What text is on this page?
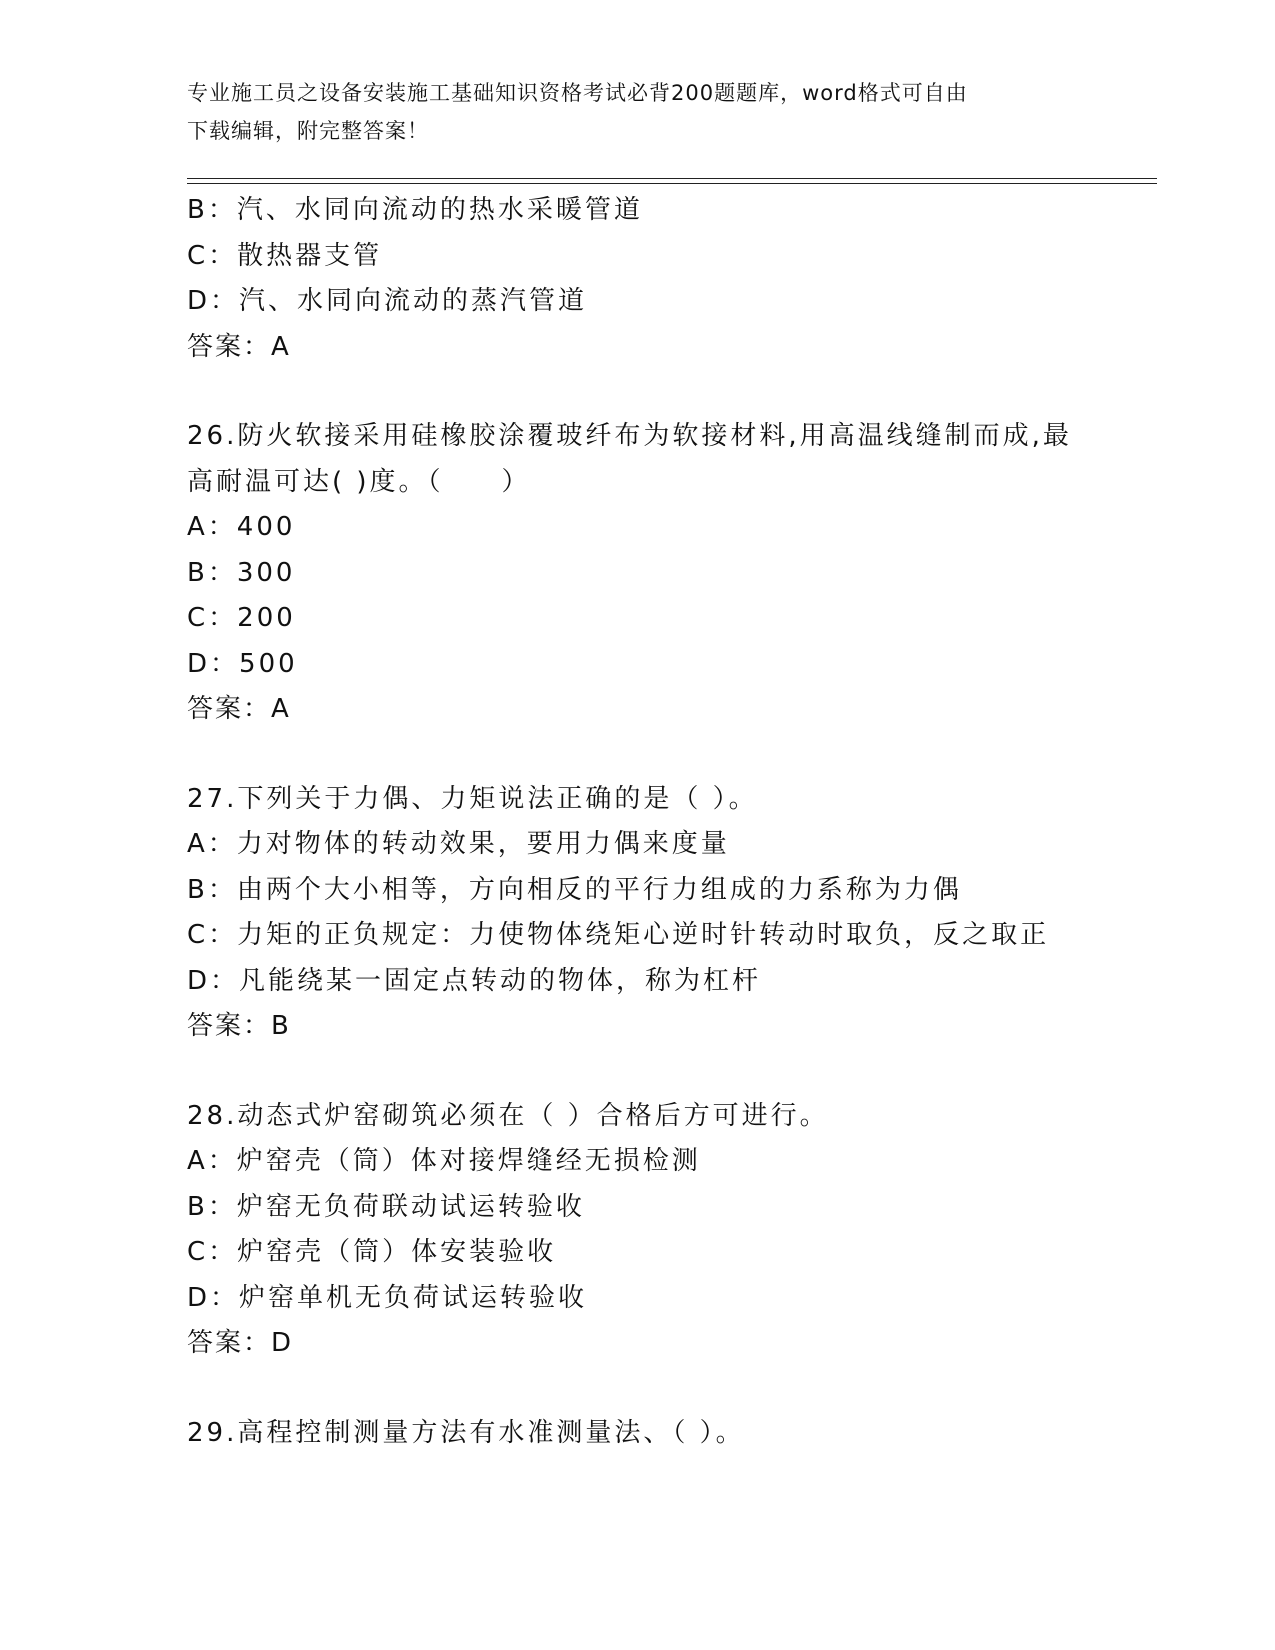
专业施工员之设备安装施工基础知识资格考试必背200题题库，word格式可自由
下载编辑，附完整答案！
B：汽、水同向流动的热水采暖管道
C：散热器支管
D：汽、水同向流动的蒸汽管道
答案：A
26.防火软接采用硅橡胶涂覆玻纤布为软接材料,用高温线缝制而成,最
高耐温可达( )度。（　　）
A：400
B：300
C：200
D：500
答案：A
27.下列关于力偶、力矩说法正确的是（ ）。
A：力对物体的转动效果，要用力偶来度量
B：由两个大小相等，方向相反的平行力组成的力系称为力偶
C：力矩的正负规定：力使物体绕矩心逆时针转动时取负，反之取正
D：凡能绕某一固定点转动的物体，称为杠杆
答案：B
28.动态式炉窑砌筑必须在（ ）合格后方可进行。
A：炉窑壳（筒）体对接焊缝经无损检测
B：炉窑无负荷联动试运转验收
C：炉窑壳（筒）体安装验收
D：炉窑单机无负荷试运转验收
答案：D
29.高程控制测量方法有水准测量法、（ ）。
